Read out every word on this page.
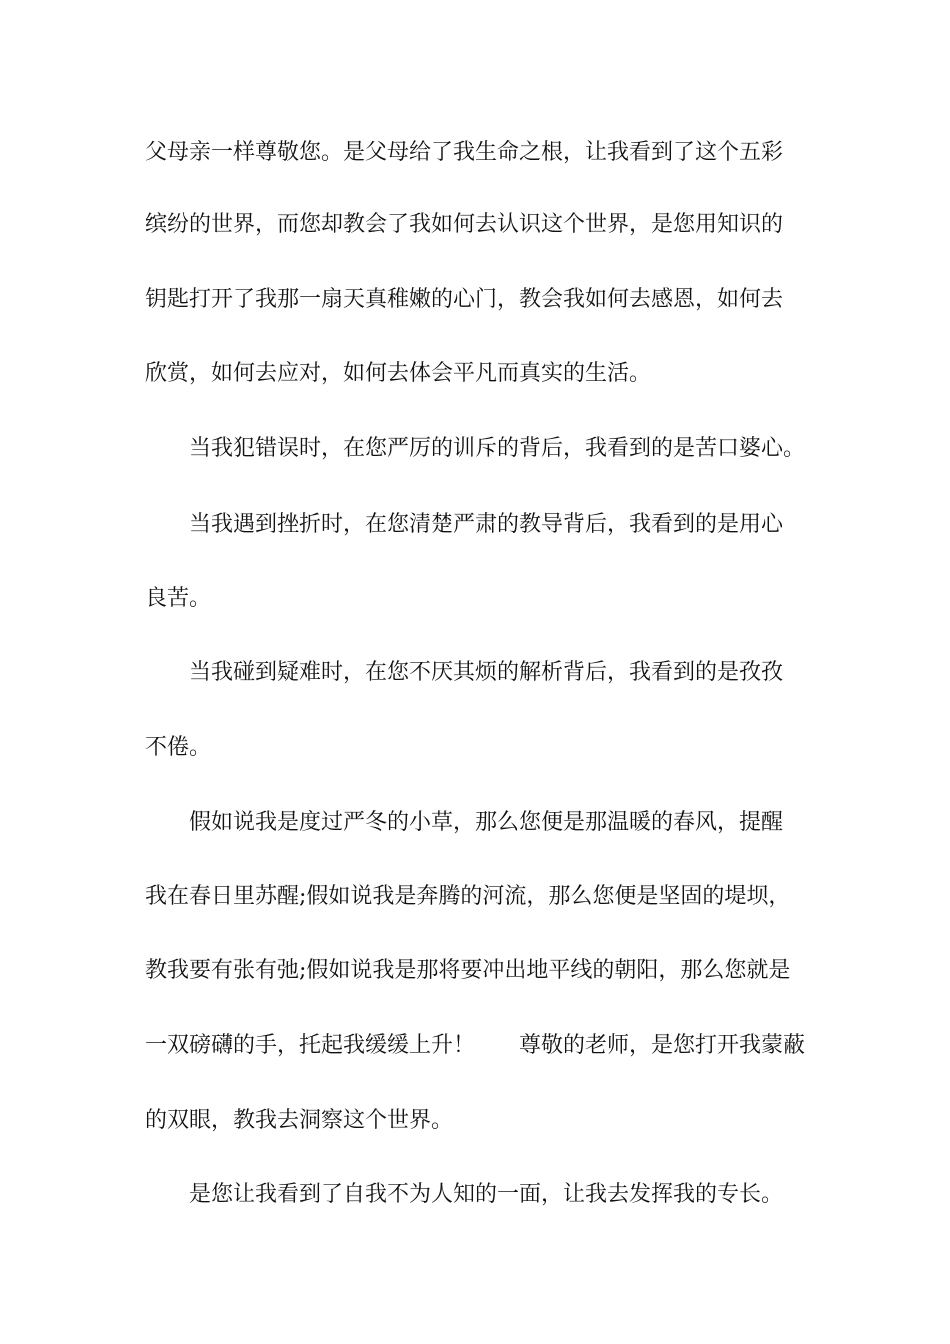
父母亲一样尊敬您。是父母给了我生命之根，让我看到了这个五彩

缤纷的世界，而您却教会了我如何去认识这个世界，是您用知识的

钥匙打开了我那一扇天真稚嫩的心门，教会我如何去感恩，如何去

欣赏，如何去应对，如何去体会平凡而真实的生活。

当我犯错误时，在您严厉的训斥的背后，我看到的是苦口婆心。

当我遇到挫折时，在您清楚严肃的教导背后，我看到的是用心

良苦。

当我碰到疑难时，在您不厌其烦的解析背后，我看到的是孜孜

不倦。

假如说我是度过严冬的小草，那么您便是那温暖的春风，提醒

我在春日里苏醒;假如说我是奔腾的河流，那么您便是坚固的堤坝，

教我要有张有弛;假如说我是那将要冲出地平线的朝阳，那么您就是

一双磅礴的手，托起我缓缓上升！　　尊敬的老师，是您打开我蒙蔽

的双眼，教我去洞察这个世界。

是您让我看到了自我不为人知的一面，让我去发挥我的专长。
